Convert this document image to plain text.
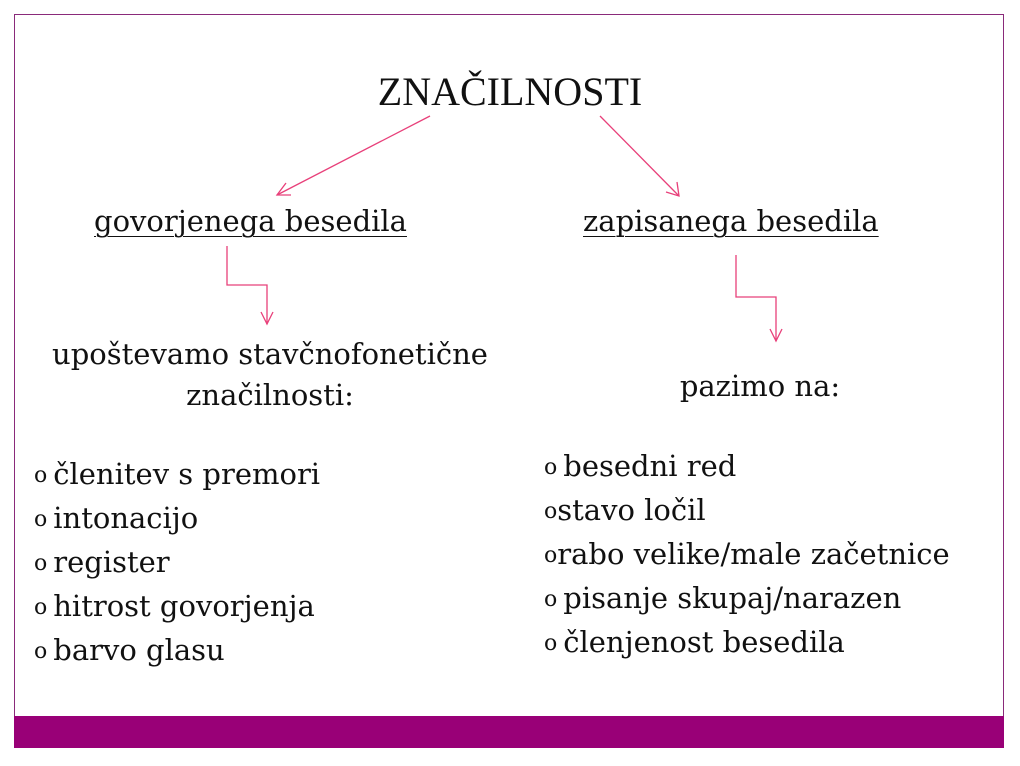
ZNAČILNOSTI
govorjenega besedila	zapisanega besedila
upoštevamo stavčnofonetične
značilnosti:	pazimo na:
o členitev s premori
o intonacijo
o register
o hitrost govorjenja
o barvo glasu
o besedni red
ostavo ločil
orabo velike/male začetnice
o pisanje skupaj/narazen
o členjenost besedila
